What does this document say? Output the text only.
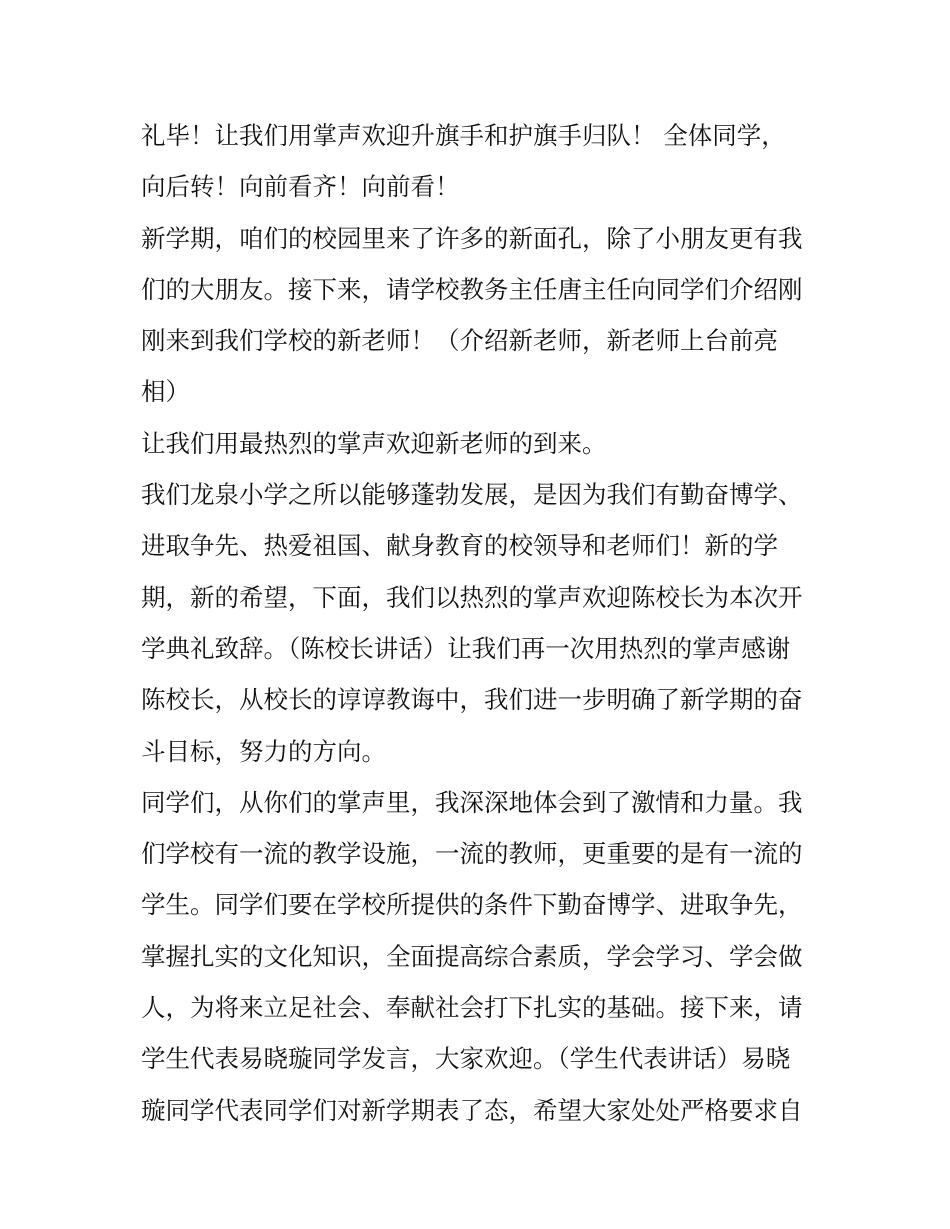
礼毕！让我们用掌声欢迎升旗手和护旗手归队！ 全体同学，
向后转！向前看齐！向前看！
新学期，咱们的校园里来了许多的新面孔，除了小朋友更有我
们的大朋友。接下来，请学校教务主任唐主任向同学们介绍刚
刚来到我们学校的新老师！（介绍新老师，新老师上台前亮
相）
让我们用最热烈的掌声欢迎新老师的到来。
我们龙泉小学之所以能够蓬勃发展，是因为我们有勤奋博学、
进取争先、热爱祖国、献身教育的校领导和老师们！新的学
期，新的希望，下面，我们以热烈的掌声欢迎陈校长为本次开
学典礼致辞。（陈校长讲话）让我们再一次用热烈的掌声感谢
陈校长，从校长的谆谆教诲中，我们进一步明确了新学期的奋
斗目标，努力的方向。
同学们，从你们的掌声里，我深深地体会到了激情和力量。我
们学校有一流的教学设施，一流的教师，更重要的是有一流的
学生。同学们要在学校所提供的条件下勤奋博学、进取争先，
掌握扎实的文化知识，全面提高综合素质，学会学习、学会做
人，为将来立足社会、奉献社会打下扎实的基础。接下来，请
学生代表易晓璇同学发言，大家欢迎。（学生代表讲话）易晓
璇同学代表同学们对新学期表了态，希望大家处处严格要求自
